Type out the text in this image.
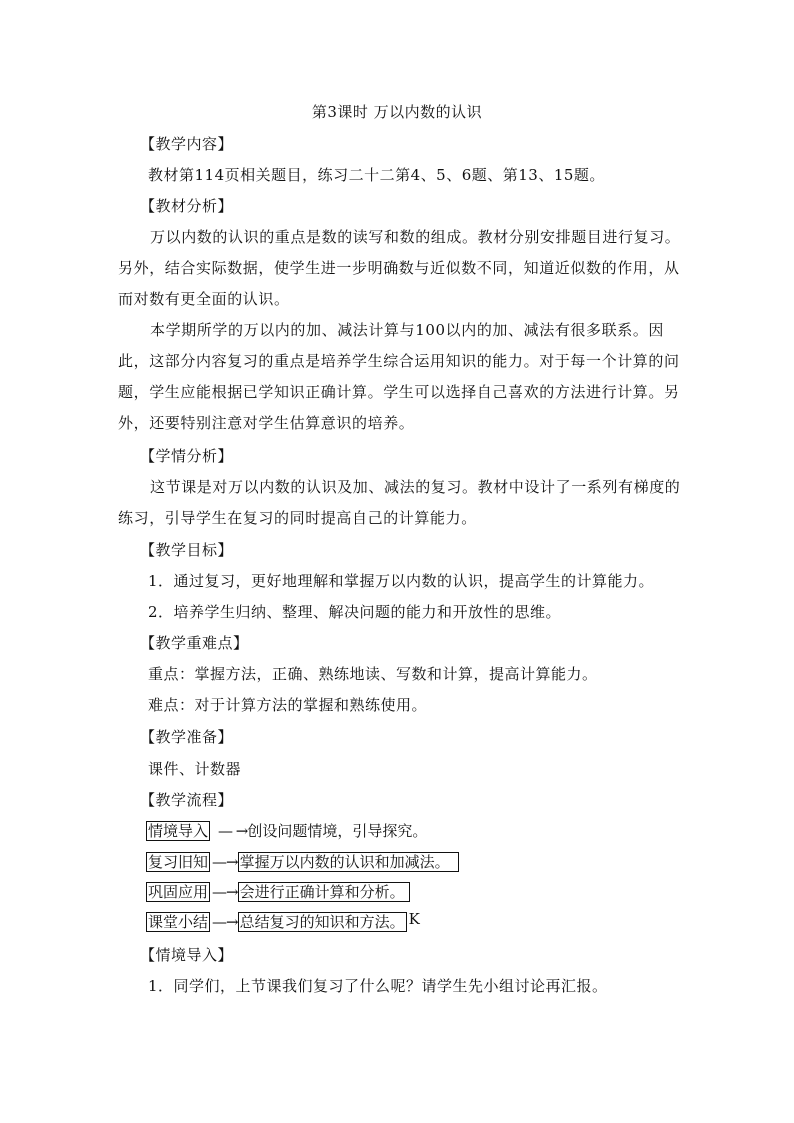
第3课时 万以内数的认识
【教学内容】
教材第114页相关题目，练习二十二第4、5、6题、第13、15题。
【教材分析】

万以内数的认识的重点是数的读写和数的组成。教材分别安排题目进行复习。另外，结合实际数据，使学生进一步明确数与近似数不同，知道近似数的作用，从而对数有更全面的认识。

本学期所学的万以内的加、减法计算与100以内的加、减法有很多联系。因此，这部分内容复习的重点是培养学生综合运用知识的能力。对于每一个计算的问题，学生应能根据已学知识正确计算。学生可以选择自己喜欢的方法进行计算。另外，还要特别注意对学生估算意识的培养。

【学情分析】

这节课是对万以内数的认识及加、减法的复习。教材中设计了一系列有梯度的练习，引导学生在复习的同时提高自己的计算能力。

【教学目标】
1．通过复习，更好地理解和掌握万以内数的认识，提高学生的计算能力。
2．培养学生归纳、整理、解决问题的能力和开放性的思维。
【教学重难点】
重点：掌握方法，正确、熟练地读、写数和计算，提高计算能力。
难点：对于计算方法的掌握和熟练使用。
【教学准备】
课件、计数器
【教学流程】
情境导入 — → 创设问题情境，引导探究。
复习旧知 —→ 掌握万以内数的认识和加减法。
巩固应用 —→ 会进行正确计算和分析。
课堂小结 —→ 总结复习的知识和方法。 K
【情境导入】
1．同学们，上节课我们复习了什么呢？请学生先小组讨论再汇报。
